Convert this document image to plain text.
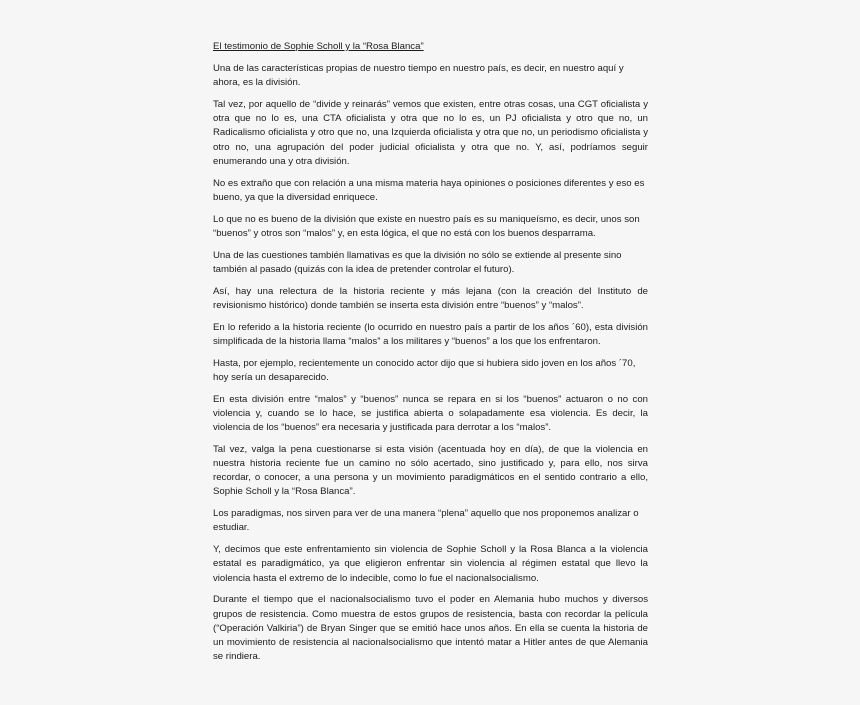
El testimonio de Sophie Scholl y la “Rosa Blanca”

Una de las características propias de nuestro tiempo en nuestro país, es decir, en nuestro aquí y ahora, es la división.

Tal vez, por aquello de “divide y reinarás” vemos que existen, entre otras cosas, una CGT oficialista y otra que no lo es, una CTA oficialista y otra que no lo es, un PJ oficialista y otro que no, un Radicalismo oficialista y otro que no, una Izquierda oficialista y otra que no, un periodismo oficialista y otro no, una agrupación del poder judicial oficialista y otra que no. Y, así, podríamos seguir enumerando una y otra división.

No es extraño que con relación a una misma materia haya opiniones o posiciones diferentes y eso es bueno, ya que la diversidad enriquece.

Lo que no es bueno de la división que existe en nuestro país es su maniqueísmo, es decir, unos son “buenos” y otros son “malos” y, en esta lógica, el que no está con los buenos desparrama.

Una de las cuestiones también llamativas es que la división no sólo se extiende al presente sino también al pasado (quizás con la idea de pretender controlar el futuro).

Así, hay una relectura de la historia reciente y más lejana (con la creación del Instituto de revisionismo histórico) donde también se inserta esta división entre “buenos” y “malos”.

En lo referido a la historia reciente (lo ocurrido en nuestro país a partir de los años ´60), esta división simplificada de la historia llama “malos” a los militares y “buenos” a los que los enfrentaron.

Hasta, por ejemplo, recientemente un conocido actor dijo que si hubiera sido joven en los años ´70, hoy sería un desaparecido.

En esta división entre “malos” y “buenos” nunca se repara en si los “buenos” actuaron o no con violencia y, cuando se lo hace, se justifica abierta o solapadamente esa violencia. Es decir, la violencia de los “buenos” era necesaria y justificada para derrotar a los “malos”.

Tal vez, valga la pena cuestionarse si esta visión (acentuada hoy en día), de que la violencia en nuestra historia reciente fue un camino no sólo acertado, sino justificado y, para ello, nos sirva recordar, o conocer, a una persona y un movimiento paradigmáticos en el sentido contrario a ello, Sophie Scholl y la “Rosa Blanca”.

Los paradigmas, nos sirven para ver de una manera “plena” aquello que nos proponemos analizar o estudiar.

Y, decimos que este enfrentamiento sin violencia de Sophie Scholl y la Rosa Blanca a la violencia estatal es paradigmático, ya que eligieron enfrentar sin violencia al régimen estatal que llevo la violencia hasta el extremo de lo indecible, como lo fue el nacionalsocialismo.

Durante el tiempo que el nacionalsocialismo tuvo el poder en Alemania hubo muchos y diversos grupos de resistencia. Como muestra de estos grupos de resistencia, basta con recordar la película (“Operación Valkiria”) de Bryan Singer que se emitió hace unos años. En ella se cuenta la historia de un movimiento de resistencia al nacionalsocialismo que intentó matar a Hitler antes de que Alemania se rindiera.
